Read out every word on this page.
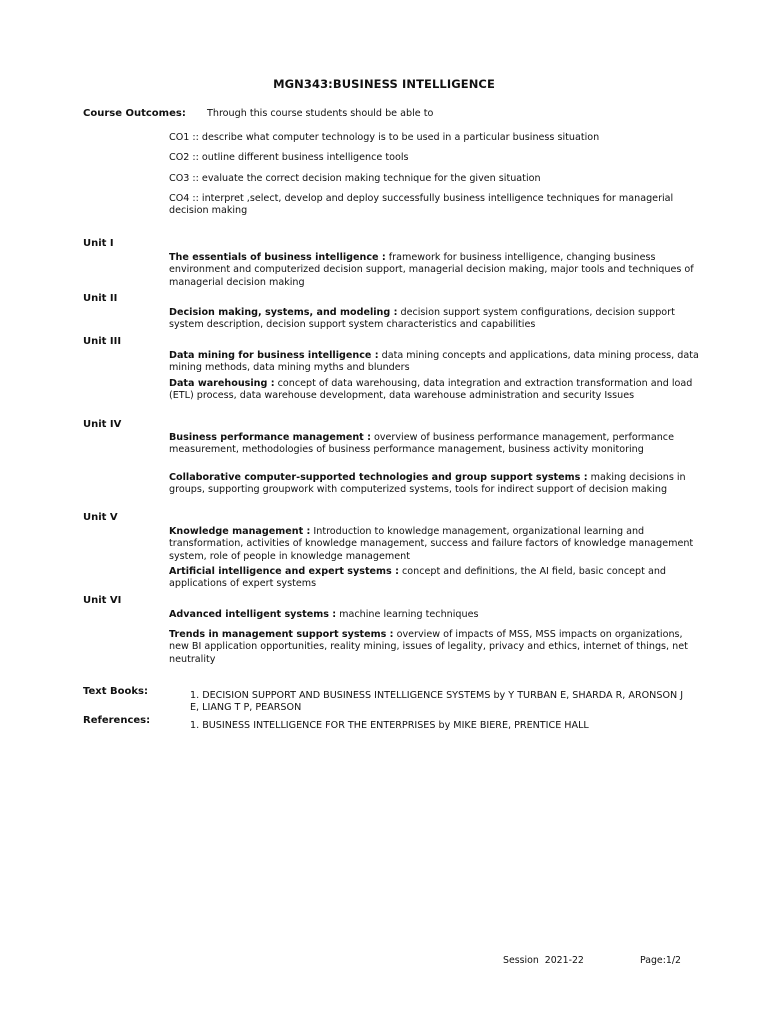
MGN343:BUSINESS INTELLIGENCE
Course Outcomes: Through this course students should be able to
CO1 :: describe what computer technology is to be used in a particular business situation
CO2 :: outline different business intelligence tools
CO3 :: evaluate the correct decision making technique for the given situation
CO4 :: interpret ,select, develop and deploy successfully business intelligence techniques for managerial decision making
Unit I
The essentials of business intelligence : framework for business intelligence, changing business environment and computerized decision support, managerial decision making, major tools and techniques of managerial decision making
Unit II
Decision making, systems, and modeling : decision support system configurations, decision support system description, decision support system characteristics and capabilities
Unit III
Data mining for business intelligence : data mining concepts and applications, data mining process, data mining methods, data mining myths and blunders
Data warehousing : concept of data warehousing, data integration and extraction transformation and load (ETL) process, data warehouse development, data warehouse administration and security Issues
Unit IV
Business performance management : overview of business performance management, performance measurement, methodologies of business performance management, business activity monitoring
Collaborative computer-supported technologies and group support systems : making decisions in groups, supporting groupwork with computerized systems, tools for indirect support of decision making
Unit V
Knowledge management : Introduction to knowledge management, organizational learning and transformation, activities of knowledge management, success and failure factors of knowledge management system, role of people in knowledge management
Artificial intelligence and expert systems : concept and definitions, the AI field, basic concept and applications of expert systems
Unit VI
Advanced intelligent systems : machine learning techniques
Trends in management support systems : overview of impacts of MSS, MSS impacts on organizations, new BI application opportunities, reality mining, issues of legality, privacy and ethics, internet of things, net neutrality
Text Books:	1. DECISION SUPPORT AND BUSINESS INTELLIGENCE SYSTEMS by Y TURBAN E, SHARDA R, ARONSON J E, LIANG T P, PEARSON
References:	1. BUSINESS INTELLIGENCE FOR THE ENTERPRISES by MIKE BIERE, PRENTICE HALL
Session  2021-22	Page:1/2
